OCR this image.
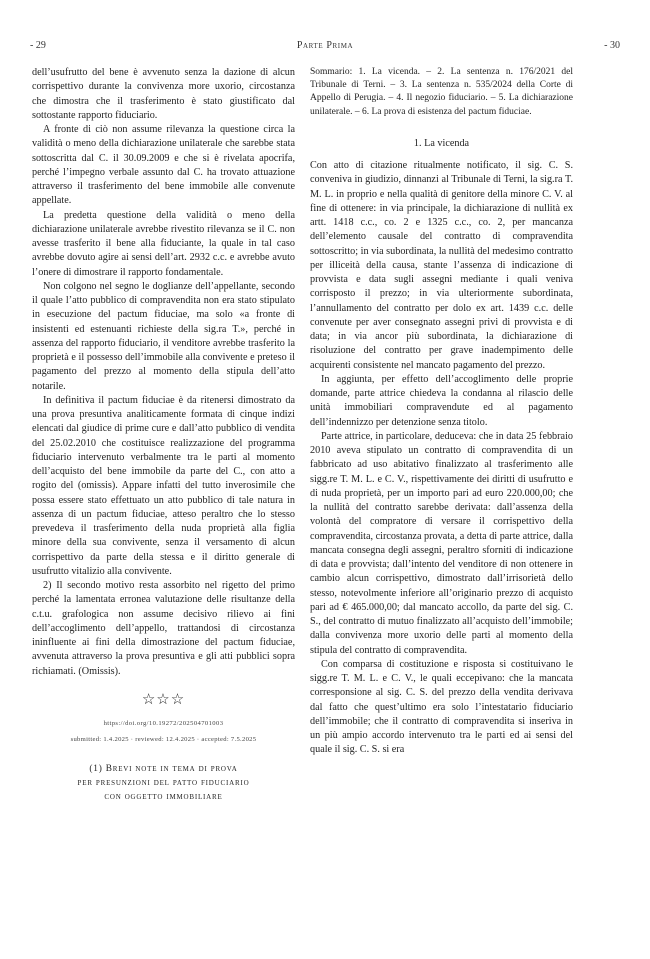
- 29	Parte Prima	- 30

dell’usufrutto del bene è avvenuto senza la dazione di alcun corrispettivo durante la convivenza more uxorio, circostanza che dimostra che il trasferimento è stato giustificato dal sottostante rapporto fiduciario.

A fronte di ciò non assume rilevanza la questione circa la validità o meno della dichiarazione unilaterale che sarebbe stata sottoscritta dal C. il 30.09.2009 e che si è rivelata apocrifa, perché l’impegno verbale assunto dal C. ha trovato attuazione attraverso il trasferimento del bene immobile alle convenute appellate.

La predetta questione della validità o meno della dichiarazione unilaterale avrebbe rivestito rilevanza se il C. non avesse trasferito il bene alla fiduciante, la quale in tal caso avrebbe dovuto agire ai sensi dell’art. 2932 c.c. e avrebbe avuto l’onere di dimostrare il rapporto fondamentale.

Non colgono nel segno le doglianze dell’appellante, secondo il quale l’atto pubblico di compravendita non era stato stipulato in esecuzione del pactum fiduciae, ma solo «a fronte di insistenti ed estenuanti richieste della sig.ra T.», perché in assenza del rapporto fiduciario, il venditore avrebbe trasferito la proprietà e il possesso dell’immobile alla convivente e preteso il pagamento del prezzo al momento della stipula dell’atto notarile.

In definitiva il pactum fiduciae è da ritenersi dimostrato da una prova presuntiva analiticamente formata di cinque indizi elencati dal giudice di prime cure e dall’atto pubblico di vendita del 25.02.2010 che costituisce realizzazione del programma fiduciario intervenuto verbalmente tra le parti al momento dell’acquisto del bene immobile da parte del C., con atto a rogito del (omissis). Appare infatti del tutto inverosimile che possa essere stato effettuato un atto pubblico di tale natura in assenza di un pactum fiduciae, atteso peraltro che lo stesso prevedeva il trasferimento della nuda proprietà alla figlia minore della sua convivente, senza il versamento di alcun corrispettivo da parte della stessa e il diritto generale di usufrutto vitalizio alla convivente.

2) Il secondo motivo resta assorbito nel rigetto del primo perché la lamentata erronea valutazione delle risultanze della c.t.u. grafologica non assume decisivo rilievo ai fini dell’accoglimento dell’appello, trattandosi di circostanza ininfluente ai fini della dimostrazione del pactum fiduciae, avvenuta attraverso la prova presuntiva e gli atti pubblici sopra richiamati. (Omissis).

☆☆☆
https://doi.org/10.19272/202504701003
submitted: 1.4.2025 · reviewed: 12.4.2025 · accepted: 7.5.2025
(1) Brevi note in tema di prova
per presunzioni del patto fiduciario
con oggetto immobiliare

Sommario: 1. La vicenda. – 2. La sentenza n. 176/2021 del Tribunale di Terni. – 3. La sentenza n. 535/2024 della Corte di Appello di Perugia. – 4. Il negozio fiduciario. – 5. La dichiarazione unilaterale. – 6. La prova di esistenza del pactum fiduciae.

1. La vicenda

Con atto di citazione ritualmente notificato, il sig. C. S. conveniva in giudizio, dinnanzi al Tribunale di Terni, la sig.ra T. M. L. in proprio e nella qualità di genitore della minore C. V. al fine di ottenere: in via principale, la dichiarazione di nullità ex artt. 1418 c.c., co. 2 e 1325 c.c., co. 2, per mancanza dell’elemento causale del contratto di compravendita sottoscritto; in via subordinata, la nullità del medesimo contratto per illiceità della causa, stante l’assenza di indicazione di provvista e data sugli assegni mediante i quali veniva corrisposto il prezzo; in via ulteriormente subordinata, l’annullamento del contratto per dolo ex art. 1439 c.c. delle convenute per aver consegnato assegni privi di provvista e di data; in via ancor più subordinata, la dichiarazione di risoluzione del contratto per grave inadempimento delle acquirenti consistente nel mancato pagamento del prezzo.

In aggiunta, per effetto dell’accoglimento delle proprie domande, parte attrice chiedeva la condanna al rilascio delle unità immobiliari compravendute ed al pagamento dell’indennizzo per detenzione senza titolo.

Parte attrice, in particolare, deduceva: che in data 25 febbraio 2010 aveva stipulato un contratto di compravendita di un fabbricato ad uso abitativo finalizzato al trasferimento alle sigg.re T. M. L. e C. V., rispettivamente dei diritti di usufrutto e di nuda proprietà, per un importo pari ad euro 220.000,00; che la nullità del contratto sarebbe derivata: dall’assenza della volontà del compratore di versare il corrispettivo della compravendita, circostanza provata, a detta di parte attrice, dalla mancata consegna degli assegni, peraltro sforniti di indicazione di data e provvista; dall’intento del venditore di non ottenere in cambio alcun corrispettivo, dimostrato dall’irrisorietà dello stesso, notevolmente inferiore all’originario prezzo di acquisto pari ad € 465.000,00; dal mancato accollo, da parte del sig. C. S., del contratto di mutuo finalizzato all’acquisto dell’immobile; dalla convivenza more uxorio delle parti al momento della stipula del contratto di compravendita.

Con comparsa di costituzione e risposta si costituivano le sigg.re T. M. L. e C. V., le quali eccepivano: che la mancata corresponsione al sig. C. S. del prezzo della vendita derivava dal fatto che quest’ultimo era solo l’intestatario fiduciario dell’immobile; che il contratto di compravendita si inseriva in un più ampio accordo intervenuto tra le parti ed ai sensi del quale il sig. C. S. si era
